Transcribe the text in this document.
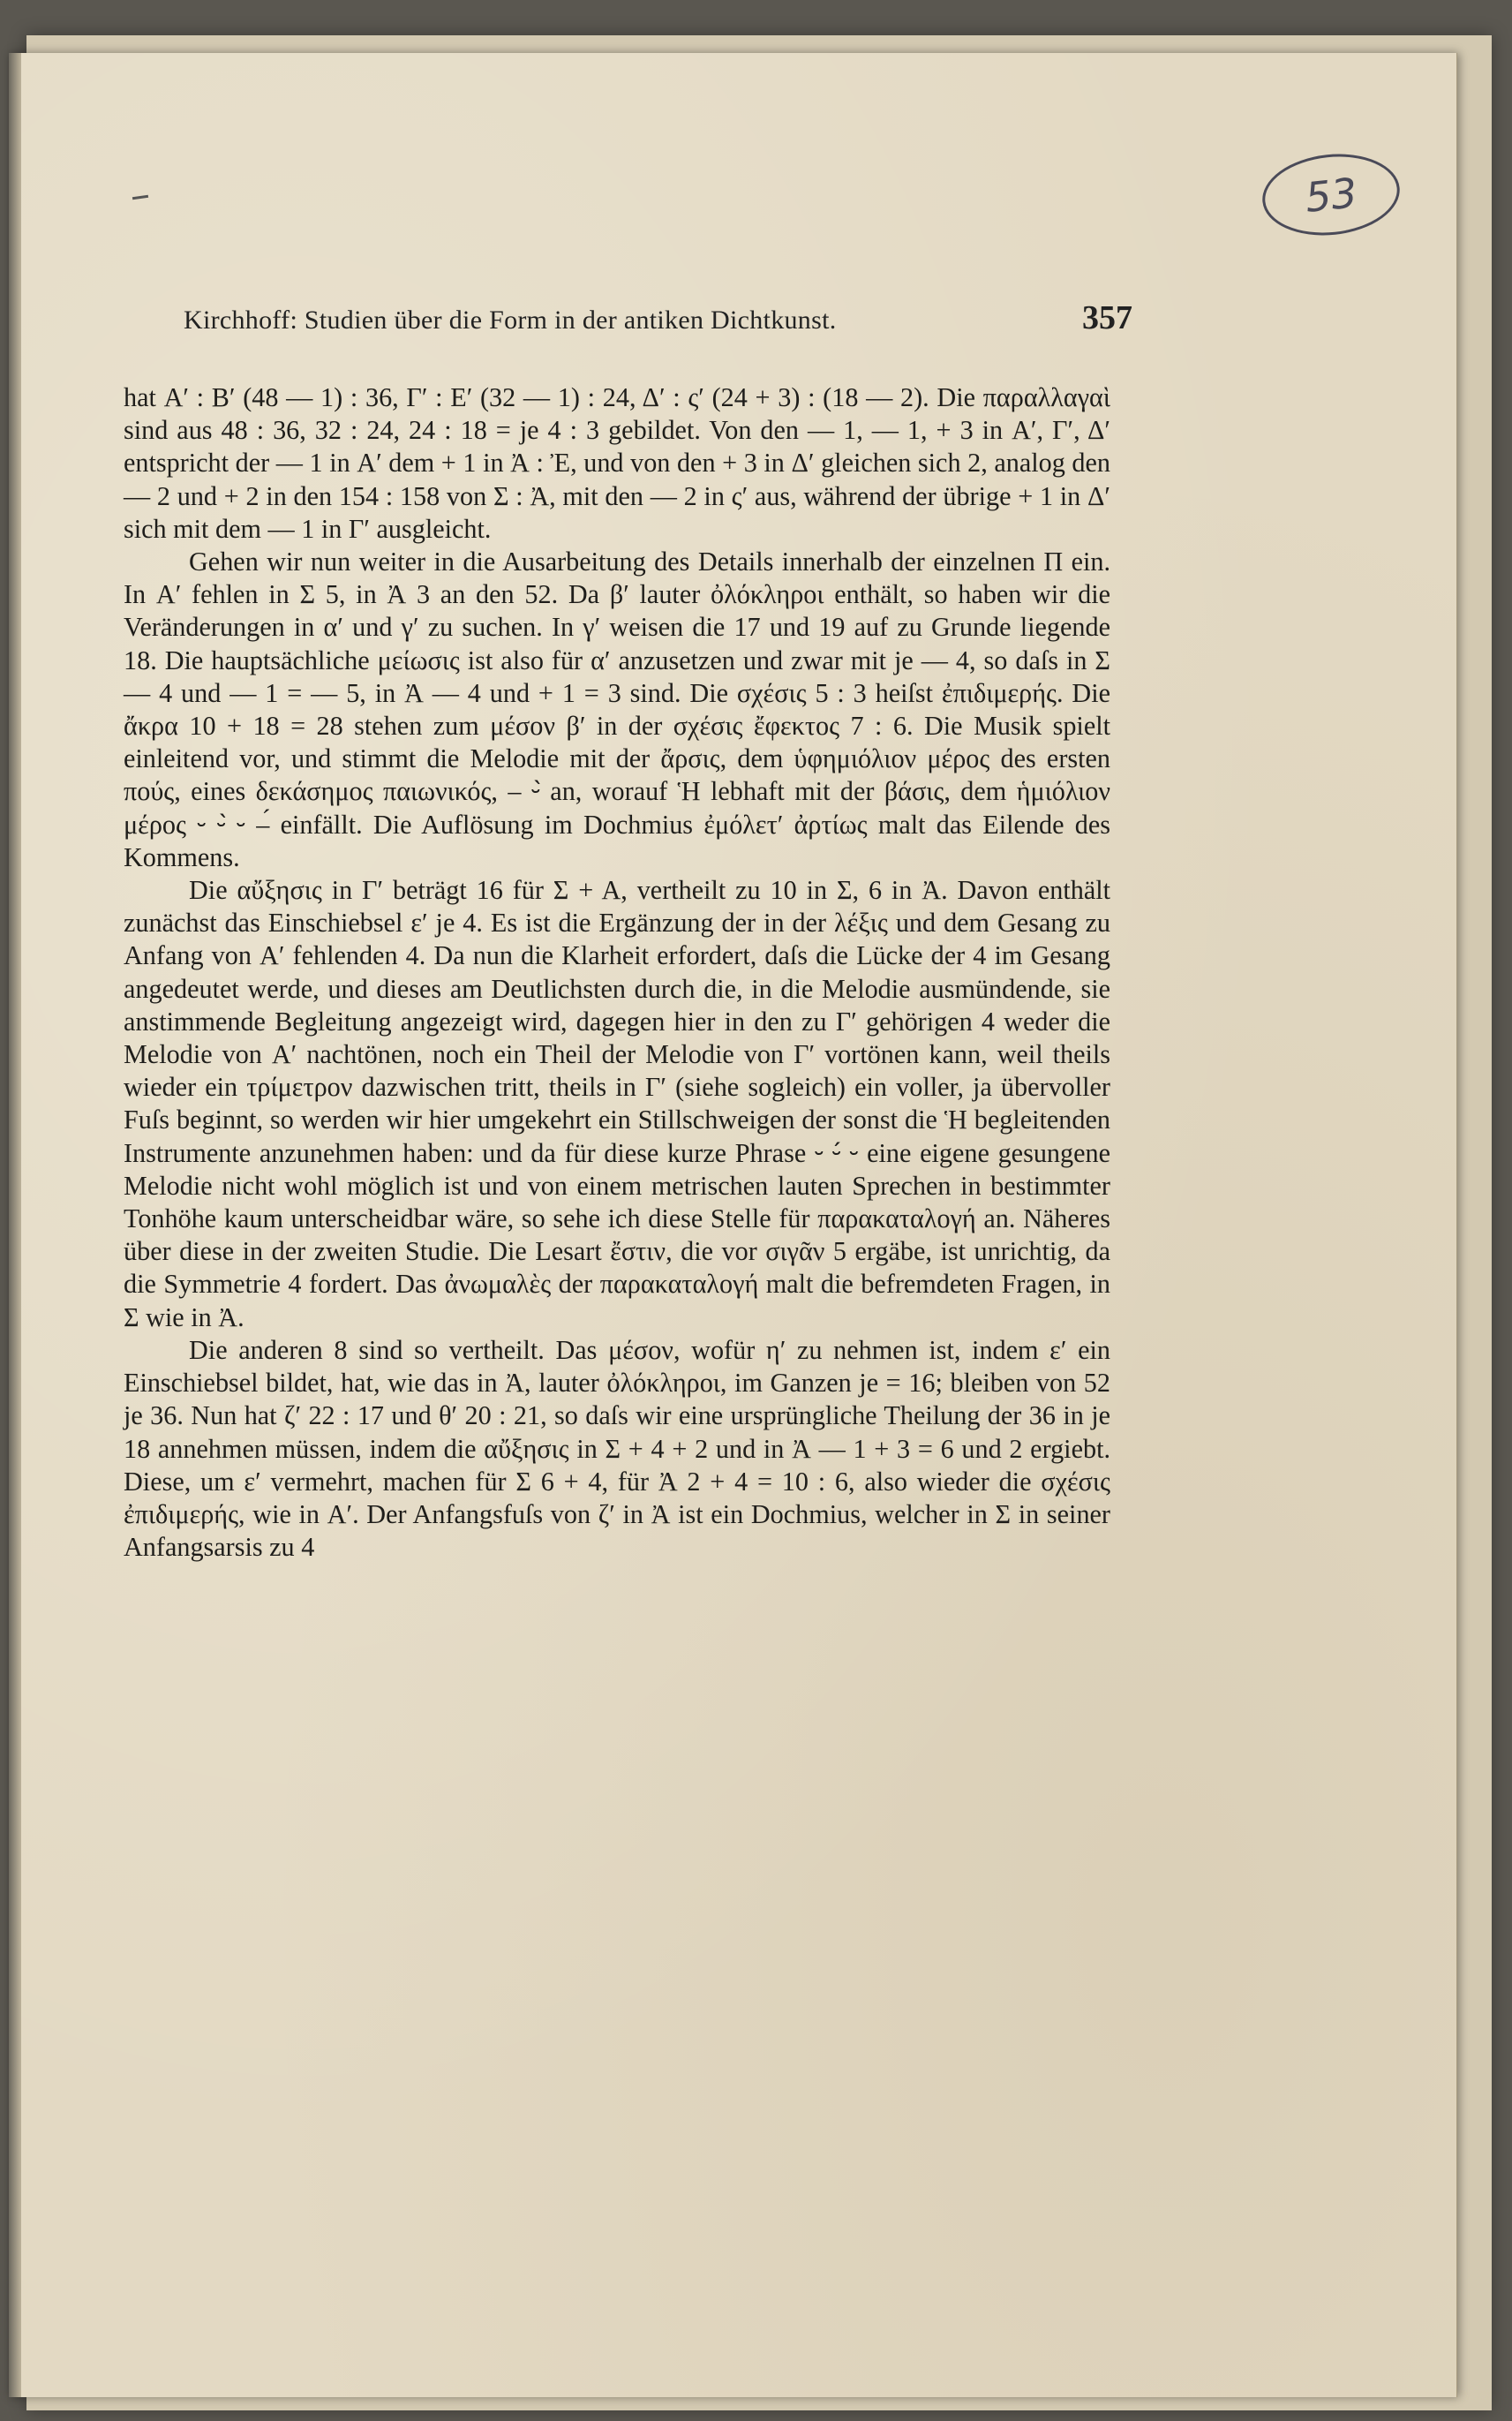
53
Kirchhoff: Studien über die Form in der antiken Dichtkunst.	357

hat Α′ : Β′ (48 — 1) : 36, Γ′ : Ε′ (32 — 1) : 24, Δ′ : ς′ (24 + 3) : (18 — 2). Die παραλλαγαὶ sind aus 48 : 36, 32 : 24, 24 : 18 = je 4 : 3 gebildet. Von den — 1, — 1, + 3 in Α′, Γ′, Δ′ entspricht der — 1 in Α′ dem + 1 in Ἀ : Ἐ, und von den + 3 in Δ′ gleichen sich 2, analog den — 2 und + 2 in den 154 : 158 von Σ : Ἀ, mit den — 2 in ς′ aus, während der übrige + 1 in Δ′ sich mit dem — 1 in Γ′ ausgleicht.

Gehen wir nun weiter in die Ausarbeitung des Details innerhalb der einzelnen Π ein. In Α′ fehlen in Σ 5, in Ἀ 3 an den 52. Da β′ lauter ὀλόκληροι enthält, so haben wir die Veränderungen in α′ und γ′ zu suchen. In γ′ weisen die 17 und 19 auf zu Grunde liegende 18. Die hauptsächliche μείωσις ist also für α′ anzusetzen und zwar mit je — 4, so daſs in Σ — 4 und — 1 = — 5, in Ἀ — 4 und + 1 = 3 sind. Die σχέσις 5 : 3 heiſst ἐπιδιμερής. Die ἄκρα 10 + 18 = 28 stehen zum μέσον β′ in der σχέσις ἔφεκτος 7 : 6. Die Musik spielt einleitend vor, und stimmt die Melodie mit der ἄρσις, dem ὑφημιόλιον μέρος des ersten πούς, eines δεκάσημος παιωνικός, ‒ ⏑́ an, worauf Ἡ lebhaft mit der βάσις, dem ἡμιόλιον μέρος ⏑ ⏑́ ⏑ ‒́ einfällt. Die Auflösung im Dochmius ἐμόλετ′ ἀρτίως malt das Eilende des Kommens.

Die αὔξησις in Γ′ beträgt 16 für Σ + Α, vertheilt zu 10 in Σ, 6 in Ἀ. Davon enthält zunächst das Einschiebsel ε′ je 4. Es ist die Ergänzung der in der λέξις und dem Gesang zu Anfang von Α′ fehlenden 4. Da nun die Klarheit erfordert, daſs die Lücke der 4 im Gesang angedeutet werde, und dieses am Deutlichsten durch die, in die Melodie ausmündende, sie anstimmende Begleitung angezeigt wird, dagegen hier in den zu Γ′ gehörigen 4 weder die Melodie von Α′ nachtönen, noch ein Theil der Melodie von Γ′ vortönen kann, weil theils wieder ein τρίμετρον dazwischen tritt, theils in Γ′ (siehe sogleich) ein voller, ja übervoller Fuſs beginnt, so werden wir hier umgekehrt ein Stillschweigen der sonst die Ἡ begleitenden Instrumente anzunehmen haben: und da für diese kurze Phrase ⏑ ⏑́ ⏑ eine eigene gesungene Melodie nicht wohl möglich ist und von einem metrischen lauten Sprechen in bestimmter Tonhöhe kaum unterscheidbar wäre, so sehe ich diese Stelle für παρακαταλογή an. Näheres über diese in der zweiten Studie. Die Lesart ἔστιν, die vor σιγᾶν 5 ergäbe, ist unrichtig, da die Symmetrie 4 fordert. Das ἀνωμαλὲς der παρακαταλογή malt die befremdeten Fragen, in Σ wie in Ἀ.

Die anderen 8 sind so vertheilt. Das μέσον, wofür η′ zu nehmen ist, indem ε′ ein Einschiebsel bildet, hat, wie das in Ἀ, lauter ὀλόκληροι, im Ganzen je = 16; bleiben von 52 je 36. Nun hat ζ′ 22 : 17 und θ′ 20 : 21, so daſs wir eine ursprüngliche Theilung der 36 in je 18 annehmen müssen, indem die αὔξησις in Σ + 4 + 2 und in Ἀ — 1 + 3 = 6 und 2 ergiebt. Diese, um ε′ vermehrt, machen für Σ 6 + 4, für Ἀ 2 + 4 = 10 : 6, also wieder die σχέσις ἐπιδιμερής, wie in Α′. Der Anfangsfuſs von ζ′ in Ἀ ist ein Dochmius, welcher in Σ in seiner Anfangsarsis zu 4
